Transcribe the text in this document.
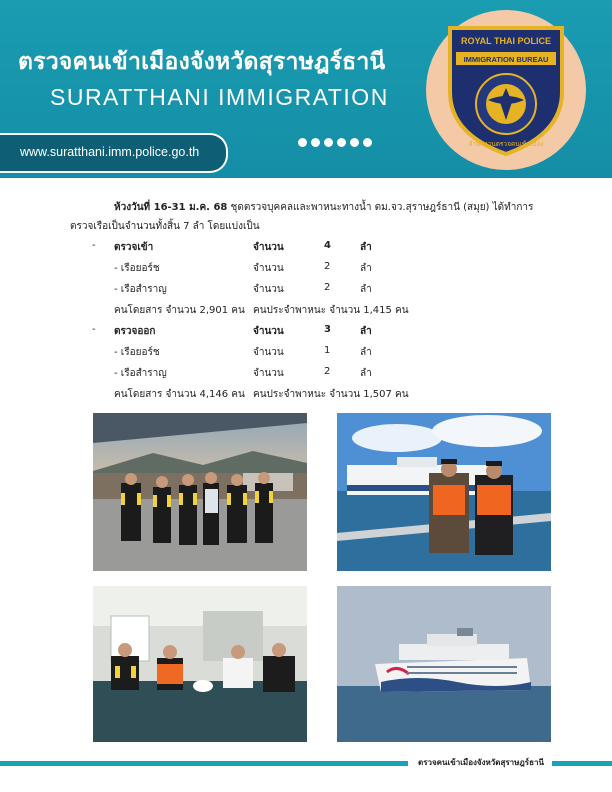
ตรวจคนเข้าเมืองจังหวัดสุราษฎร์ธานี
SURATTHANI IMMIGRATION
www.suratthani.imm.police.go.th
ROYAL THAI POLICE
IMMIGRATION BUREAU
สำนักงานตรวจคนเข้าเมือง
ห้วงวันที่ 16-31 ม.ค. 68 ชุดตรวจบุคคลและพาหนะทางน้ำ ตม.จว.สุราษฎร์ธานี (สมุย) ได้ทำการตรวจเรือเป็นจำนวนทั้งสิ้น 7 ลำ โดยแบ่งเป็น
- ตรวจเข้า	จำนวน	4	ลำ
- เรือยอร์ช	จำนวน	2	ลำ
- เรือสำราญ	จำนวน	2	ลำ
คนโดยสาร จำนวน 2,901 คน คนประจำพาหนะ จำนวน 1,415 คน
- ตรวจออก	จำนวน	3	ลำ
- เรือยอร์ช	จำนวน	1	ลำ
- เรือสำราญ	จำนวน	2	ลำ
คนโดยสาร จำนวน 4,146 คน คนประจำพาหนะ จำนวน 1,507 คน
ตรวจคนเข้าเมืองจังหวัดสุราษฎร์ธานี
